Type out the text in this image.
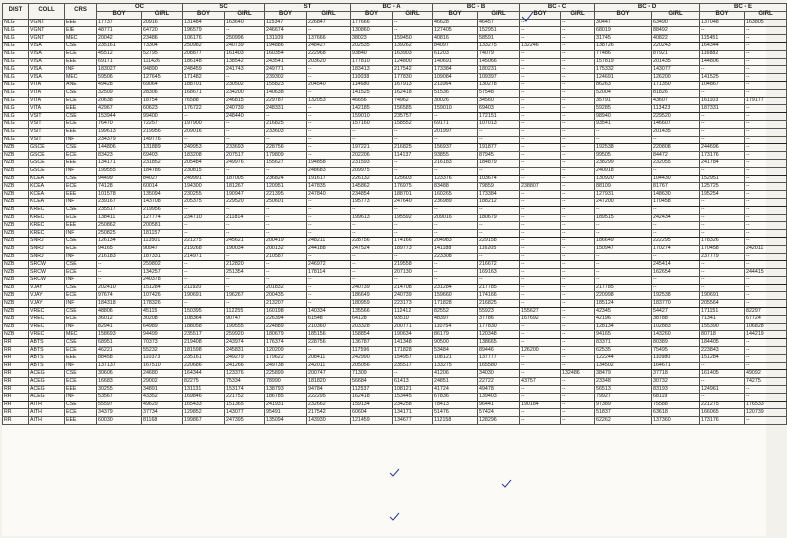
DIST	COLL	CRS	OC		SC		ST		BC - A		BC - B		BC - C		BC - D		BC - E	
			BOY	GIRL	BOY	GIRL	BOY	GIRL	BOY	GIRL	BOY	GIRL	BOY	GIRL	BOY	GIRL	BOY	GIRL
NLG	VGNT	EEE	17737	20916	131484	163640	115347	226847	177666	--	46628	46457	--	--	30447	63490	137048	163805
NLG	VGNT	EIE	48771	64720	196579	--	246674	--	130860	--	127405	152951	--	--	68019	88492	--	--
NLG	VGNT	MEC	20042	23486	106176	250996	131109	137666	38023	159450	40816	58591	--	--	31745	40822	115451	--
NLG	VISA	CSE	235161	73304	250982	240739	194886	248427	202535	139262	84097	133275	132246	--	138726	220243	164344	--
NLG	VISA	ECE	45512	52795	208877	161403	160354	222968	93840	163903	61203	74079	--	--	77486	87921	116882	--
NLG	VISA	EEE	69171	111426	186148	138542	243541	203620	177810	124800	140691	145066	--	--	157819	201435	144806	--
NLG	VISA	INF	183027	94890	248459	241743	249771	--	183413	217542	173384	180231	--	--	175332	143077	--	--
NLG	VISA	MEC	59506	127645	171482	--	239302	--	110038	177830	109084	109397	--	--	124691	126200	141525	--
NLG	VITA	ANE	49428	69064	188701	230502	155823	204540	114680	167913	211064	130278	--	--	86263	171350	104867	--
NLG	VITA	CSE	32509	28306	168671	234200	140638	--	141525	162418	51536	57548	--	--	52004	81826	--	--
NLG	VITA	ECE	20638	18754	76588	246815	229787	132053	46656	74962	30026	34560	--	--	35791	43607	161103	179177
NLG	VITA	EEE	42967	60623	176722	240739	248331	--	142185	156585	159010	69403	--	--	59285	113423	187331	--
NLG	VSIT	CSE	153944	99400	--	248440	--	--	159010	235757	--	172151	--	--	98940	229520	--	--
NLG	VSIT	ECE	76470	72257	197900	--	216825	--	157160	158552	69171	107013	--	--	93541	146607	--	--
NLG	VSIT	EEE	199613	219956	209016	--	233603	--	--	--	201997	--	--	--	--	201435	--	--
NLG	VSIT	INF	234379	149776	--	--	--	--	--	--	--	--	--	--	--	--	--	--
NZB	GSCE	CSE	144806	131889	249953	233693	228756	--	197221	216825	156937	191877	--	--	192538	220808	244696	--
NZB	GSCE	ECE	83423	69403	183208	207517	179809	--	202206	114137	93855	87945	--	--	99505	84472	173176	--
NZB	GSCE	EEE	134171	231852	205484	249976	155627	194858	231593	--	216183	184879	--	--	238299	232055	241784	--
NZB	GSCE	INF	199555	184786	230815	--	--	248683	209975	--	--	--	--	--	240918	--	--	--
NZB	KCEA	CSE	94499	84027	249991	187005	236824	191617	226132	125603	123376	103674	--	--	130920	104430	152951	--
NZB	KCEA	ECE	74128	60014	194300	181267	120951	147835	145862	176975	83488	79859	238807	--	88109	81767	125725	--
NZB	KCEA	EEE	101578	135094	230255	190947	221395	247840	234854	188701	160265	173384	--	--	127931	148630	195254	--
NZB	KCEA	INF	239167	143708	205375	229520	250601	--	195773	247640	236989	188212	--	--	247200	170458	--	--
NZB	KREC	CSE	235517	219956	--	--	--	--	--	--	--	--	--	--	--	--	--	--
NZB	KREC	ECE	138411	127774	234710	211814	--	--	199613	195592	209016	180679	--	--	189515	242434	--	--
NZB	KREC	EEE	250862	200581	--	--	--	--	--	--	--	--	--	--	--	--	--	--
NZB	KREC	INF	250825	181157	--	--	--	--	--	--	--	--	--	--	--	--	--	--
NZB	SNRJ	CSE	126134	113501	221275	245621	200419	248211	228756	174166	204983	229158	--	--	186649	222295	178326	--
NZB	SNRJ	ECE	94165	90947	219268	190034	200132	244188	247524	189773	141188	116205	--	--	150947	170274	170458	242011
NZB	SNRJ	INF	216183	187331	214971	--	210587	--	--	--	223308	--	--	--	--	--	237779	--
NZB	SRCW	CSE	--	259802	--	212820	--	246972	--	219558	--	216672	--	--	--	245414	--	--
NZB	SRCW	ECE	--	134257	--	251354	--	178114	--	207130	--	169163	--	--	--	162654	--	244415
NZB	SRCW	INF	--	240378	--	--	--	--	--	--	--	--	--	--	--	--	--	--
NZB	VJAY	CSE	202410	151284	211920	--	201832	--	240739	214708	231284	217785	--	--	217785	--	--	--
NZB	VJAY	ECE	97674	107426	190691	196267	200435	--	186649	240739	159660	174166	--	--	220998	192538	190691	--
NZB	VJAY	INF	184318	178326	--	--	213207	--	180959	223173	171828	216825	--	--	185124	183770	205564	--
NZB	VREC	CSE	48806	45115	150395	112255	160198	140334	135566	112412	82552	55923	155627	--	42345	54427	171151	82297
NZB	VREC	ECE	36012	30208	108364	90747	226394	61548	64128	93510	48397	37786	167692	--	42196	38788	71341	67724
NZB	VREC	INF	82941	64989	188058	199555	224889	210360	203328	200771	110754	177830	--	--	128134	102883	155390	106828
NZB	VREC	MEC	158693	94499	235517	259920	180679	185156	158854	190634	86179	120348	--	--	94165	143260	80718	144219
RR	ABTS	CSE	68951	70373	219408	243974	176374	228756	136787	141348	90500	138665	--	--	83371	80389	184405	--
RR	ABTS	ECE	46221	55232	181598	245831	120209	--	117596	171828	53484	89446	126200	--	62535	75495	223843	--
RR	ABTS	EEE	88458	110373	235161	249279	179622	208411	242990	154957	108121	137777	--	--	122244	110980	151284	--
RR	ABTS	INF	137137	167510	220686	241266	249738	242011	205056	235517	133275	165580	--	--	134502	164671	--	--
RR	ACEG	CSE	30606	24680	164344	123376	225899	200747	71309	--	41206	34030	--	132486	38479	37718	161405	49092
RR	ACEG	ECE	16683	29002	82275	75334	78990	181820	56684	61413	24851	22722	43757	--	23348	30732	--	74275
RR	ACEG	EEE	30255	34891	131131	153174	138793	94784	112537	108121	41724	49478	--	--	56513	83193	124961	--
RR	ACEG	INF	53567	43352	169846	221752	186785	222295	162418	153445	67836	139403	--	--	79927	68119	--	--
RR	AITH	CSE	55597	49629	165433	151365	241931	232662	159134	234258	78413	96441	190184	--	97389	75588	221275	176533
RR	AITH	ECE	34379	37734	129852	143077	95491	217542	60604	134171	51476	57424	--	--	51837	63618	166065	120739
RR	AITH	EEE	60030	81168	199867	247395	135094	143930	121459	134677	112158	128296	--	--	62262	137360	173176	--
